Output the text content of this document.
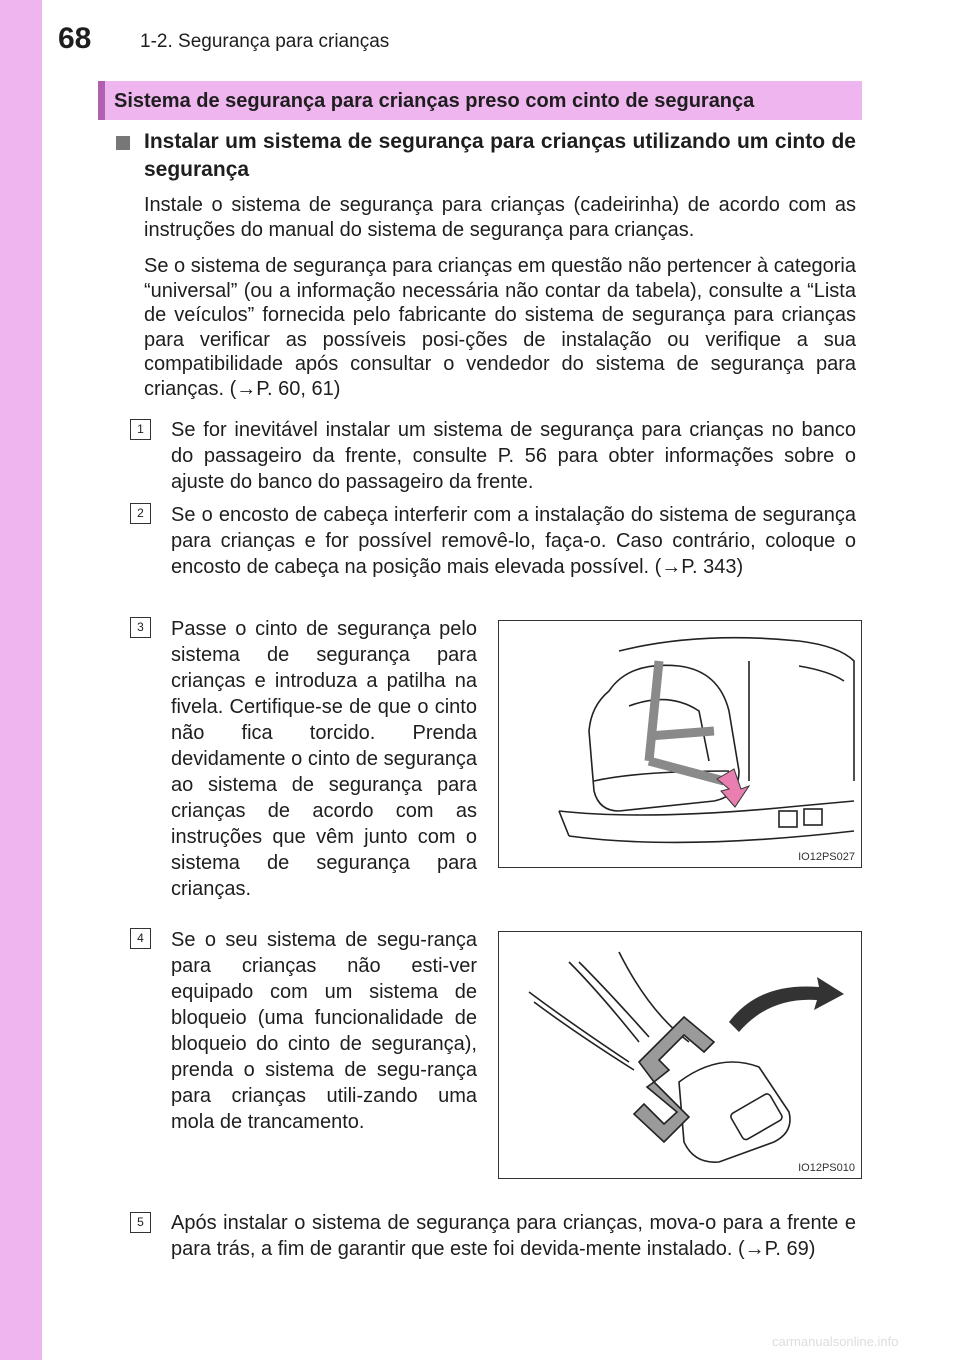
68	1-2. Segurança para crianças
Sistema de segurança para crianças preso com cinto de segurança
Instalar um sistema de segurança para crianças utilizando um cinto de segurança
Instale o sistema de segurança para crianças (cadeirinha) de acordo com as instruções do manual do sistema de segurança para crianças.
Se o sistema de segurança para crianças em questão não pertencer à categoria “universal” (ou a informação necessária não contar da tabela), consulte a “Lista de veículos” fornecida pelo fabricante do sistema de segurança para crianças para verificar as possíveis posi-ções de instalação ou verifique a sua compatibilidade após consultar o vendedor do sistema de segurança para crianças. (→P. 60, 61)
1	Se for inevitável instalar um sistema de segurança para crianças no banco do passageiro da frente, consulte P. 56 para obter informações sobre o ajuste do banco do passageiro da frente.
2	Se o encosto de cabeça interferir com a instalação do sistema de segurança para crianças e for possível removê-lo, faça-o. Caso contrário, coloque o encosto de cabeça na posição mais elevada possível. (→P. 343)
3	Passe o cinto de segurança pelo sistema de segurança para crianças e introduza a patilha na fivela. Certifique-se de que o cinto não fica torcido. Prenda devidamente o cinto de segurança ao sistema de segurança para crianças de acordo com as instruções que vêm junto com o sistema de segurança para crianças.
IO12PS027
4	Se o seu sistema de segu-rança para crianças não esti-ver equipado com um sistema de bloqueio (uma funcionalidade de bloqueio do cinto de segurança), prenda o sistema de segu-rança para crianças utili-zando uma mola de trancamento.
IO12PS010
5	Após instalar o sistema de segurança para crianças, mova-o para a frente e para trás, a fim de garantir que este foi devida-mente instalado. (→P. 69)
carmanualsonline.info
